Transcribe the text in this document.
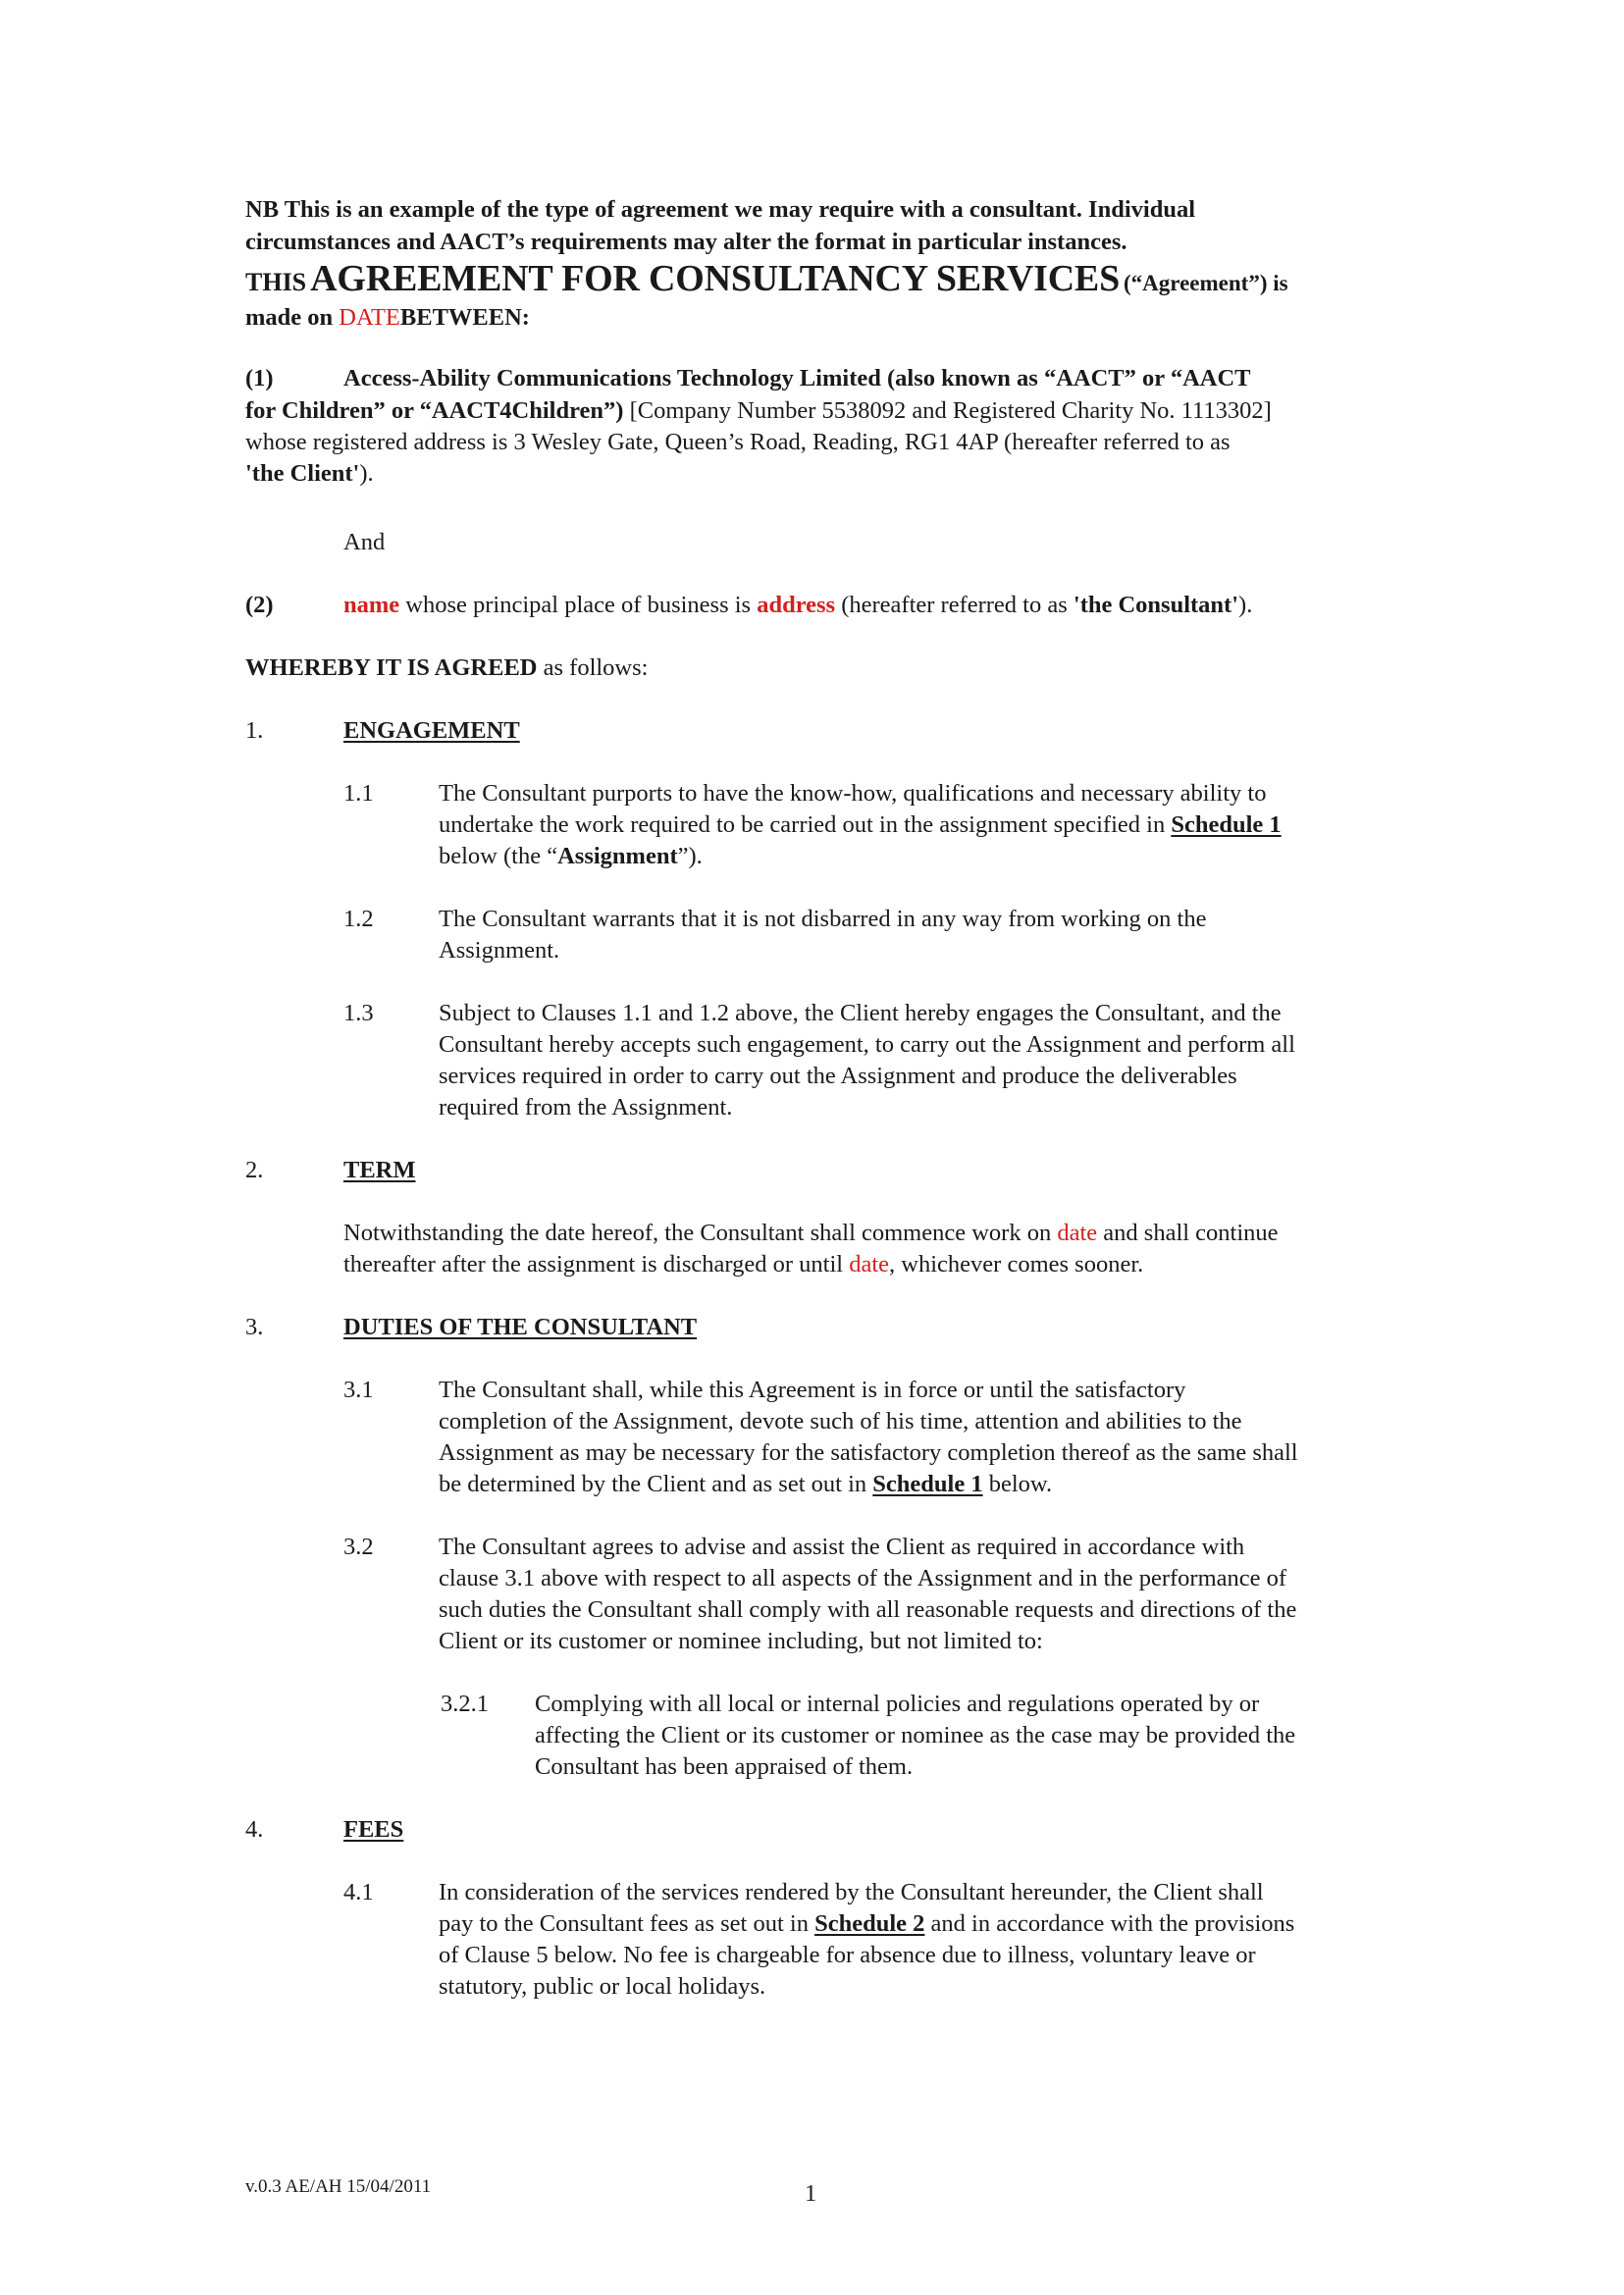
NB This is an example of the type of agreement we may require with a consultant. Individual
circumstances and AACT’s requirements may alter the format in particular instances.
THIS AGREEMENT FOR CONSULTANCY SERVICES (“Agreement”) is
made on DATEBETWEEN:
(1)	Access-Ability Communications Technology Limited (also known as “AACT” or “AACT
for Children” or “AACT4Children”) [Company Number 5538092 and Registered Charity No. 1113302]
whose registered address is 3 Wesley Gate, Queen’s Road, Reading, RG1 4AP (hereafter referred to as
'the Client').
And
(2)	name whose principal place of business is address (hereafter referred to as 'the Consultant').
WHEREBY IT IS AGREED as follows:
1.	ENGAGEMENT
1.1	The Consultant purports to have the know-how, qualifications and necessary ability to
undertake the work required to be carried out in the assignment specified in Schedule 1
below (the “Assignment”).
1.2	The Consultant warrants that it is not disbarred in any way from working on the
Assignment.
1.3	Subject to Clauses 1.1 and 1.2 above, the Client hereby engages the Consultant, and the
Consultant hereby accepts such engagement, to carry out the Assignment and perform all
services required in order to carry out the Assignment and produce the deliverables
required from the Assignment.
2.	TERM
Notwithstanding the date hereof, the Consultant shall commence work on date and shall continue
thereafter after the assignment is discharged or until date, whichever comes sooner.
3.	DUTIES OF THE CONSULTANT
3.1	The Consultant shall, while this Agreement is in force or until the satisfactory
completion of the Assignment, devote such of his time, attention and abilities to the
Assignment as may be necessary for the satisfactory completion thereof as the same shall
be determined by the Client and as set out in Schedule 1 below.
3.2	The Consultant agrees to advise and assist the Client as required in accordance with
clause 3.1 above with respect to all aspects of the Assignment and in the performance of
such duties the Consultant shall comply with all reasonable requests and directions of the
Client or its customer or nominee including, but not limited to:
3.2.1 Complying with all local or internal policies and regulations operated by or
affecting the Client or its customer or nominee as the case may be provided the
Consultant has been appraised of them.
4.	FEES
4.1	In consideration of the services rendered by the Consultant hereunder, the Client shall
pay to the Consultant fees as set out in Schedule 2 and in accordance with the provisions
of Clause 5 below. No fee is chargeable for absence due to illness, voluntary leave or
statutory, public or local holidays.
v.0.3 AE/AH 15/04/2011	1
